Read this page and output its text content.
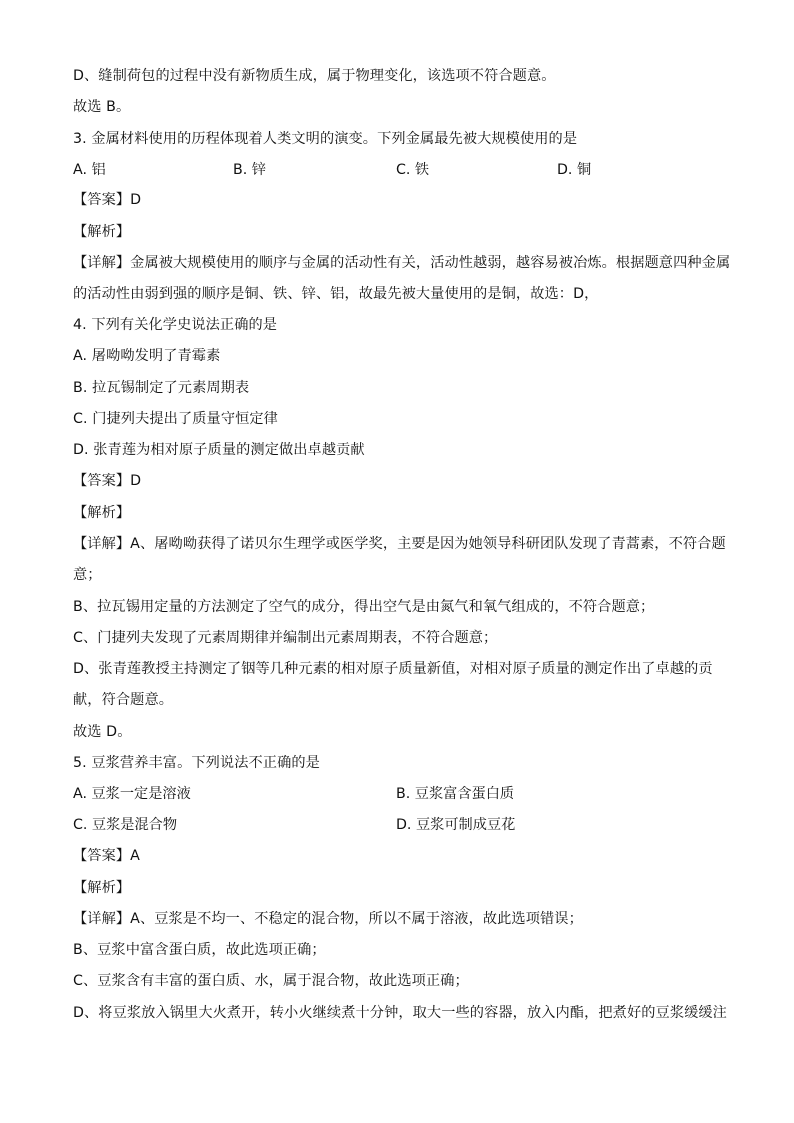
D、缝制荷包的过程中没有新物质生成，属于物理变化，该选项不符合题意。
故选 B。
3. 金属材料使用的历程体现着人类文明的演变。下列金属最先被大规模使用的是
A. 铝	B. 锌	C. 铁	D. 铜
【答案】D
【解析】
【详解】金属被大规模使用的顺序与金属的活动性有关，活动性越弱，越容易被冶炼。根据题意四种金属
的活动性由弱到强的顺序是铜、铁、锌、铝，故最先被大量使用的是铜，故选：D，
4. 下列有关化学史说法正确的是
A. 屠呦呦发明了青霉素
B. 拉瓦锡制定了元素周期表
C. 门捷列夫提出了质量守恒定律
D. 张青莲为相对原子质量的测定做出卓越贡献
【答案】D
【解析】
【详解】A、屠呦呦获得了诺贝尔生理学或医学奖，主要是因为她领导科研团队发现了青蒿素，不符合题
意；
B、拉瓦锡用定量的方法测定了空气的成分，得出空气是由氮气和氧气组成的，不符合题意；
C、门捷列夫发现了元素周期律并编制出元素周期表，不符合题意；
D、张青莲教授主持测定了铟等几种元素的相对原子质量新值，对相对原子质量的测定作出了卓越的贡
献，符合题意。
故选 D。
5. 豆浆营养丰富。下列说法不正确的是
A. 豆浆一定是溶液	B. 豆浆富含蛋白质
C. 豆浆是混合物	D. 豆浆可制成豆花
【答案】A
【解析】
【详解】A、豆浆是不均一、不稳定的混合物，所以不属于溶液，故此选项错误；
B、豆浆中富含蛋白质，故此选项正确；
C、豆浆含有丰富的蛋白质、水，属于混合物，故此选项正确；
D、将豆浆放入锅里大火煮开，转小火继续煮十分钟，取大一些的容器，放入内酯，把煮好的豆浆缓缓注
